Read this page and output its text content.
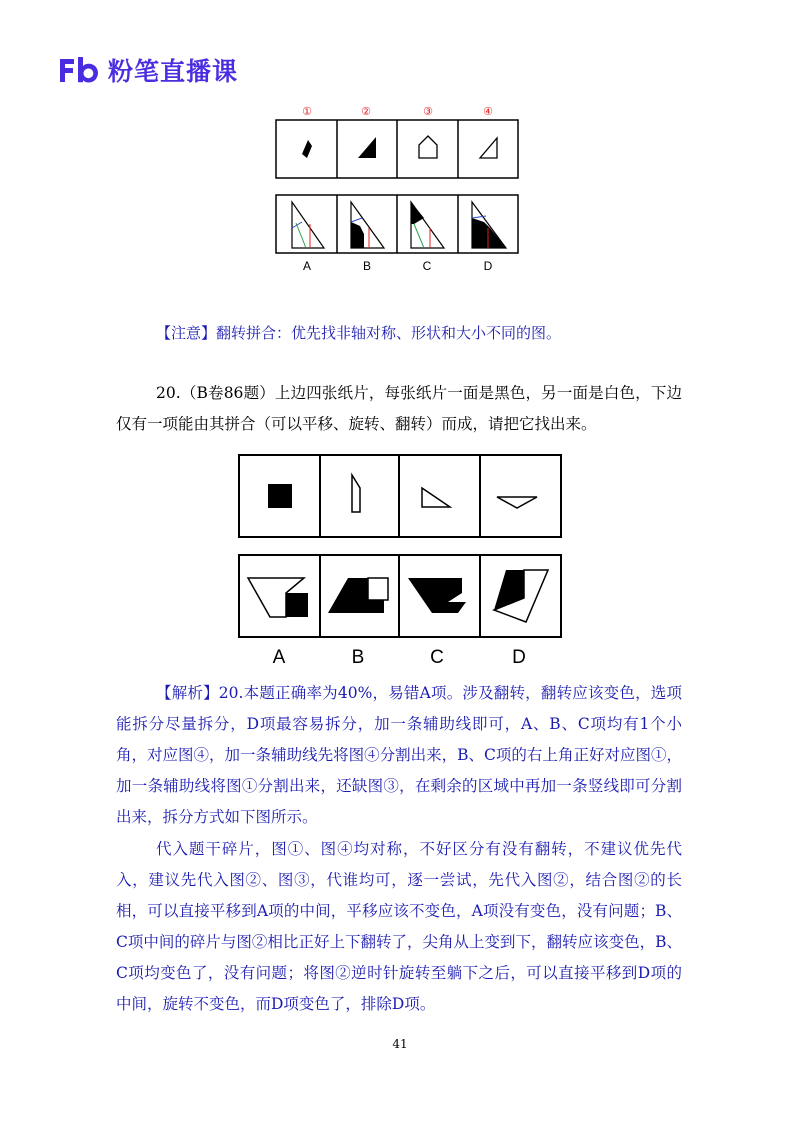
粉笔直播课
①	②	③	④
A	B	C	D
【注意】翻转拼合：优先找非轴对称、形状和大小不同的图。
20.（B卷86题）上边四张纸片，每张纸片一面是黑色，另一面是白色，下边仅有一项能由其拼合（可以平移、旋转、翻转）而成，请把它找出来。
A	B	C	D
【解析】20.本题正确率为40%，易错A项。涉及翻转，翻转应该变色，选项能拆分尽量拆分，D项最容易拆分，加一条辅助线即可，A、B、C项均有1个小角，对应图④，加一条辅助线先将图④分割出来，B、C项的右上角正好对应图①，加一条辅助线将图①分割出来，还缺图③，在剩余的区域中再加一条竖线即可分割出来，拆分方式如下图所示。
代入题干碎片，图①、图④均对称，不好区分有没有翻转，不建议优先代入，建议先代入图②、图③，代谁均可，逐一尝试，先代入图②，结合图②的长相，可以直接平移到A项的中间，平移应该不变色，A项没有变色，没有问题；B、C项中间的碎片与图②相比正好上下翻转了，尖角从上变到下，翻转应该变色，B、C项均变色了，没有问题；将图②逆时针旋转至躺下之后，可以直接平移到D项的中间，旋转不变色，而D项变色了，排除D项。
41
